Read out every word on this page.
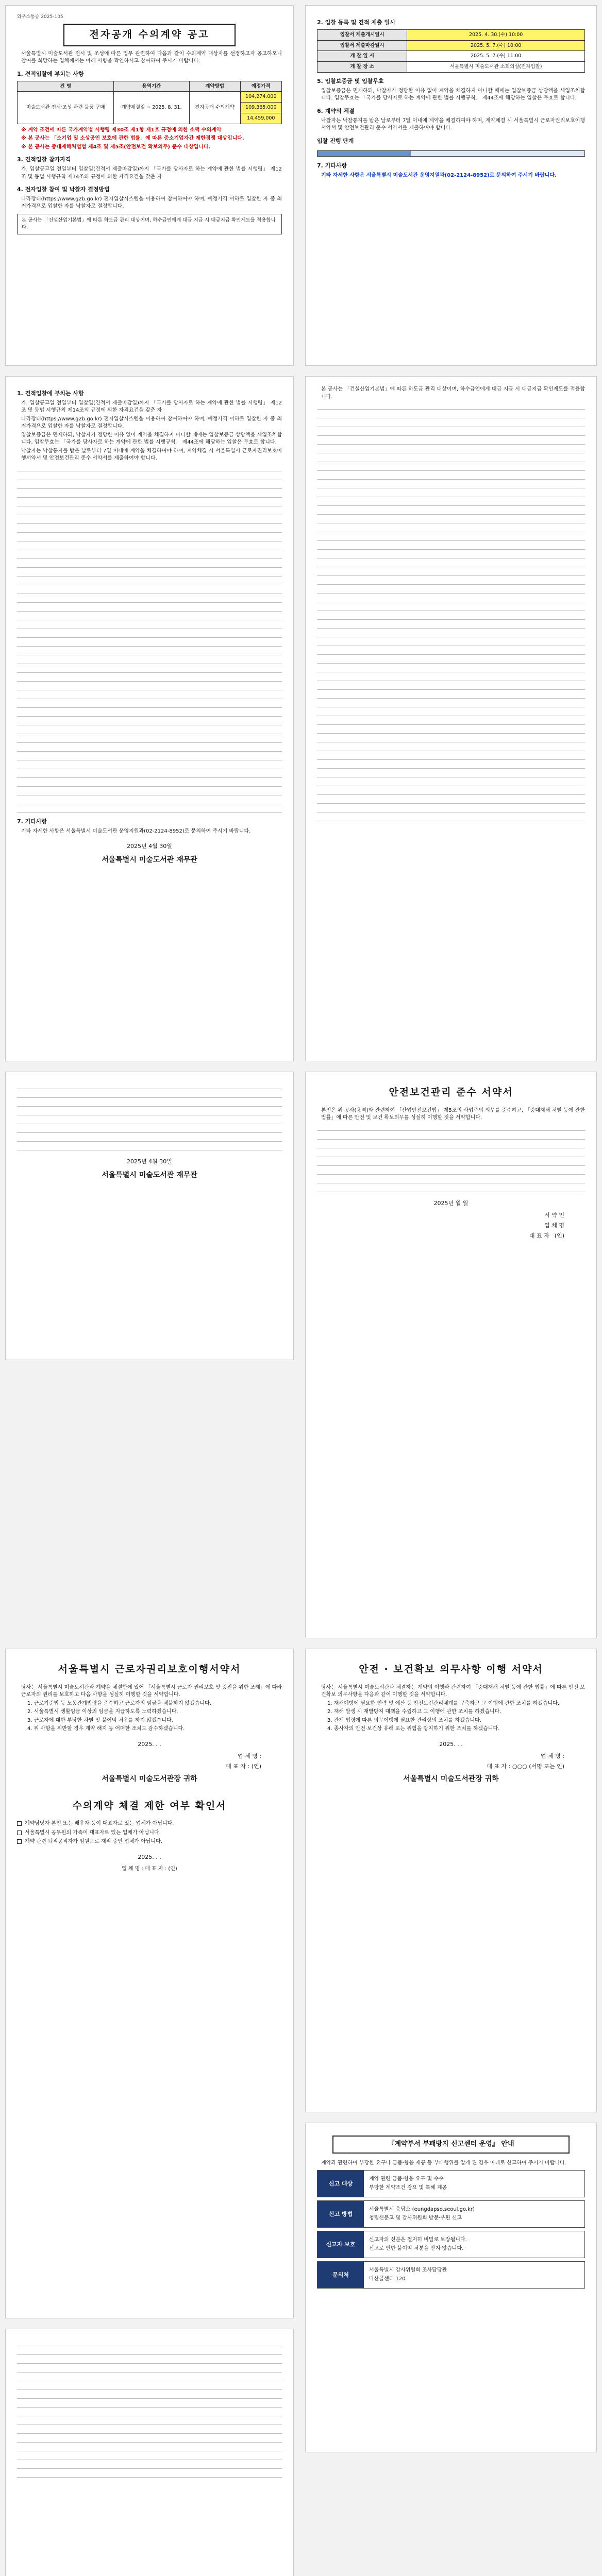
와우소통승 2025-105
전자공개 수의계약 공고
서울특별시 미술도서관 전시 및 조성에 따른 업무 관련하여 다음과 같이 수의계약 대상자를 선정하고자 공고하오니 참여를 희망하는 업체께서는 아래 사항을 확인하시고 참여하여 주시기 바랍니다.
1. 견적입찰에 부치는 사항
건 명	용역기간	계약방법	예정가격
미술도서관 전시·조성 관련 물품 구매	계약체결일 ~ 2025. 8. 31.	전자공개 수의계약	104,274,000
			109,365,000
			14,459,000
※ 계약 조건에 따른 국가계약법 시행령 제30조 제1항 제1호 규정에 의한 소액 수의계약
※ 본 공사는 「소기업 및 소상공인 보호에 관한 법률」에 따른 중소기업자간 제한경쟁 대상입니다.
※ 본 공사는 중대재해처벌법 제4조 및 제5조(안전보건 확보의무) 준수 대상입니다.
3. 견적입찰 참가자격
가. 입찰공고일 전일부터 입찰일(견적서 제출마감일)까지 「국가를 당사자로 하는 계약에 관한 법률 시행령」 제12조 및 동법 시행규칙 제14조의 규정에 의한 자격요건을 갖춘 자
4. 전자입찰 참여 및 낙찰자 결정방법
나라장터(https://www.g2b.go.kr) 전자입찰시스템을 이용하여 참여하여야 하며, 예정가격 이하로 입찰한 자 중 최저가격으로 입찰한 자를 낙찰자로 결정합니다.
본 공사는 「건설산업기본법」에 따른 하도급 관리 대상이며, 하수급인에게 대금 지급 시 대금지급 확인제도를 적용합니다.
2. 입찰 등록 및 견적 제출 일시
입찰서 제출개시일시	2025. 4. 30.(수) 10:00
입찰서 제출마감일시	2025. 5. 7.(수) 10:00
개 찰 일 시	2025. 5. 7.(수) 11:00
개 찰 장 소	서울특별시 미술도서관 소회의실(전자입찰)
5. 입찰보증금 및 입찰무효
입찰보증금은 면제하되, 낙찰자가 정당한 이유 없이 계약을 체결하지 아니할 때에는 입찰보증금 상당액을 세입조치합니다. 입찰무효는 「국가를 당사자로 하는 계약에 관한 법률 시행규칙」 제44조에 해당하는 입찰은 무효로 합니다.
6. 계약의 체결
낙찰자는 낙찰통지를 받은 날로부터 7일 이내에 계약을 체결하여야 하며, 계약체결 시 서울특별시 근로자권리보호이행서약서 및 안전보건관리 준수 서약서를 제출하여야 합니다.
입찰 진행 단계
7. 기타사항
기타 자세한 사항은 서울특별시 미술도서관 운영지원과(02-2124-8952)로 문의하여 주시기 바랍니다.
1. 견적입찰에 부치는 사항
가. 입찰공고일 전일부터 입찰일(견적서 제출마감일)까지 「국가를 당사자로 하는 계약에 관한 법률 시행령」 제12조 및 동법 시행규칙 제14조의 규정에 의한 자격요건을 갖춘 자
나라장터(https://www.g2b.go.kr) 전자입찰시스템을 이용하여 참여하여야 하며, 예정가격 이하로 입찰한 자 중 최저가격으로 입찰한 자를 낙찰자로 결정합니다.
입찰보증금은 면제하되, 낙찰자가 정당한 이유 없이 계약을 체결하지 아니할 때에는 입찰보증금 상당액을 세입조치합니다. 입찰무효는 「국가를 당사자로 하는 계약에 관한 법률 시행규칙」 제44조에 해당하는 입찰은 무효로 합니다.
낙찰자는 낙찰통지를 받은 날로부터 7일 이내에 계약을 체결하여야 하며, 계약체결 시 서울특별시 근로자권리보호이행서약서 및 안전보건관리 준수 서약서를 제출하여야 합니다.
7. 기타사항
기타 자세한 사항은 서울특별시 미술도서관 운영지원과(02-2124-8952)로 문의하여 주시기 바랍니다.
2025년 4월 30일
서울특별시 미술도서관 재무관
본 공사는 「건설산업기본법」에 따른 하도급 관리 대상이며, 하수급인에게 대금 지급 시 대금지급 확인제도를 적용합니다.
2025년 4월 30일
서울특별시 미술도서관 재무관
안전보건관리 준수 서약서
본인은 위 공사(용역)와 관련하여 「산업안전보건법」 제5조의 사업주의 의무를 준수하고, 「중대재해 처벌 등에 관한 법률」에 따른 안전 및 보건 확보의무를 성실히 이행할 것을 서약합니다.
2025년 월 일
서 약 인
업 체 명
대 표 자 (인)
서울특별시 근로자권리보호이행서약서
당사는 서울특별시 미술도서관과 계약을 체결함에 있어 「서울특별시 근로자 권리보호 및 증진을 위한 조례」에 따라 근로자의 권리를 보호하고 다음 사항을 성실히 이행할 것을 서약합니다.
1. 근로기준법 등 노동관계법령을 준수하고 근로자의 임금을 체불하지 않겠습니다.
2. 서울특별시 생활임금 이상의 임금을 지급하도록 노력하겠습니다.
3. 근로자에 대한 부당한 차별 및 불이익 처우를 하지 않겠습니다.
4. 위 사항을 위반할 경우 계약 해지 등 어떠한 조치도 감수하겠습니다.
2025. . .
업 체 명 :
대 표 자 : (인)
서울특별시 미술도서관장 귀하
수의계약 체결 제한 여부 확인서
계약담당자 본인 또는 배우자 등이 대표자로 있는 업체가 아닙니다.
서울특별시 공무원의 가족이 대표자로 있는 업체가 아닙니다.
계약 관련 퇴직공직자가 임원으로 재직 중인 업체가 아닙니다.
2025. . .
업 체 명 : 대 표 자 : (인)
안전 · 보건확보 의무사항 이행 서약서
당사는 서울특별시 미술도서관과 체결하는 계약의 이행과 관련하여 「중대재해 처벌 등에 관한 법률」에 따른 안전·보건확보 의무사항을 다음과 같이 이행할 것을 서약합니다.
1. 재해예방에 필요한 인력 및 예산 등 안전보건관리체계를 구축하고 그 이행에 관한 조치를 하겠습니다.
2. 재해 발생 시 재발방지 대책을 수립하고 그 이행에 관한 조치를 하겠습니다.
3. 관계 법령에 따른 의무이행에 필요한 관리상의 조치를 하겠습니다.
4. 종사자의 안전·보건상 유해 또는 위험을 방지하기 위한 조치를 하겠습니다.
2025. . .
업 체 명 :
대 표 자 : ○○○ (서명 또는 인)
서울특별시 미술도서관장 귀하
『계약부서 부패방지 신고센터 운영』 안내
계약과 관련하여 부당한 요구나 금품·향응 제공 등 부패행위를 알게 된 경우 아래로 신고하여 주시기 바랍니다.
신고 대상
계약 관련 금품·향응 요구 및 수수
부당한 계약조건 강요 및 특혜 제공
신고 방법
서울특별시 응답소 (eungdapso.seoul.go.kr)
청렴신문고 및 감사위원회 방문·우편 신고
신고자 보호
신고자의 신분은 철저히 비밀로 보장됩니다.
신고로 인한 불이익 처분을 받지 않습니다.
문의처
서울특별시 감사위원회 조사담당관
다산콜센터 120
